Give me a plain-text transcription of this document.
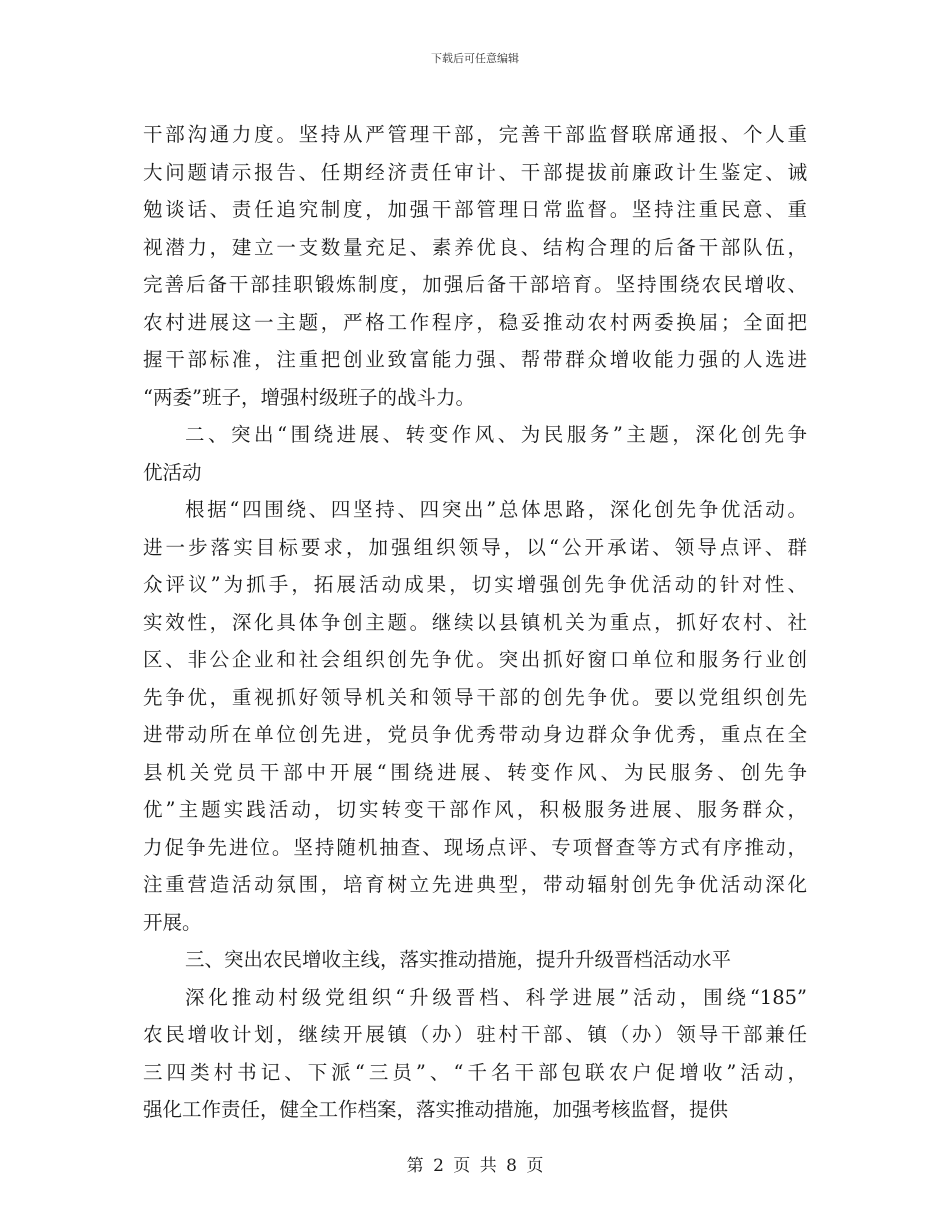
下载后可任意编辑
干部沟通力度。坚持从严管理干部，完善干部监督联席通报、个人重
大问题请示报告、任期经济责任审计、干部提拔前廉政计生鉴定、诫
勉谈话、责任追究制度，加强干部管理日常监督。坚持注重民意、重
视潜力，建立一支数量充足、素养优良、结构合理的后备干部队伍，
完善后备干部挂职锻炼制度，加强后备干部培育。坚持围绕农民增收、
农村进展这一主题，严格工作程序，稳妥推动农村两委换届；全面把
握干部标准，注重把创业致富能力强、帮带群众增收能力强的人选进
“两委”班子，增强村级班子的战斗力。
二、突出“围绕进展、转变作风、为民服务”主题，深化创先争
优活动
根据“四围绕、四坚持、四突出”总体思路，深化创先争优活动。
进一步落实目标要求，加强组织领导，以“公开承诺、领导点评、群
众评议”为抓手，拓展活动成果，切实增强创先争优活动的针对性、
实效性，深化具体争创主题。继续以县镇机关为重点，抓好农村、社
区、非公企业和社会组织创先争优。突出抓好窗口单位和服务行业创
先争优，重视抓好领导机关和领导干部的创先争优。要以党组织创先
进带动所在单位创先进，党员争优秀带动身边群众争优秀，重点在全
县机关党员干部中开展“围绕进展、转变作风、为民服务、创先争
优”主题实践活动，切实转变干部作风，积极服务进展、服务群众，
力促争先进位。坚持随机抽查、现场点评、专项督查等方式有序推动，
注重营造活动氛围，培育树立先进典型，带动辐射创先争优活动深化
开展。
三、突出农民增收主线，落实推动措施，提升升级晋档活动水平
深化推动村级党组织“升级晋档、科学进展”活动，围绕“185”
农民增收计划，继续开展镇（办）驻村干部、镇（办）领导干部兼任
三四类村书记、下派“三员”、“千名干部包联农户促增收”活动，
强化工作责任，健全工作档案，落实推动措施，加强考核监督，提供
第 2 页 共 8 页
